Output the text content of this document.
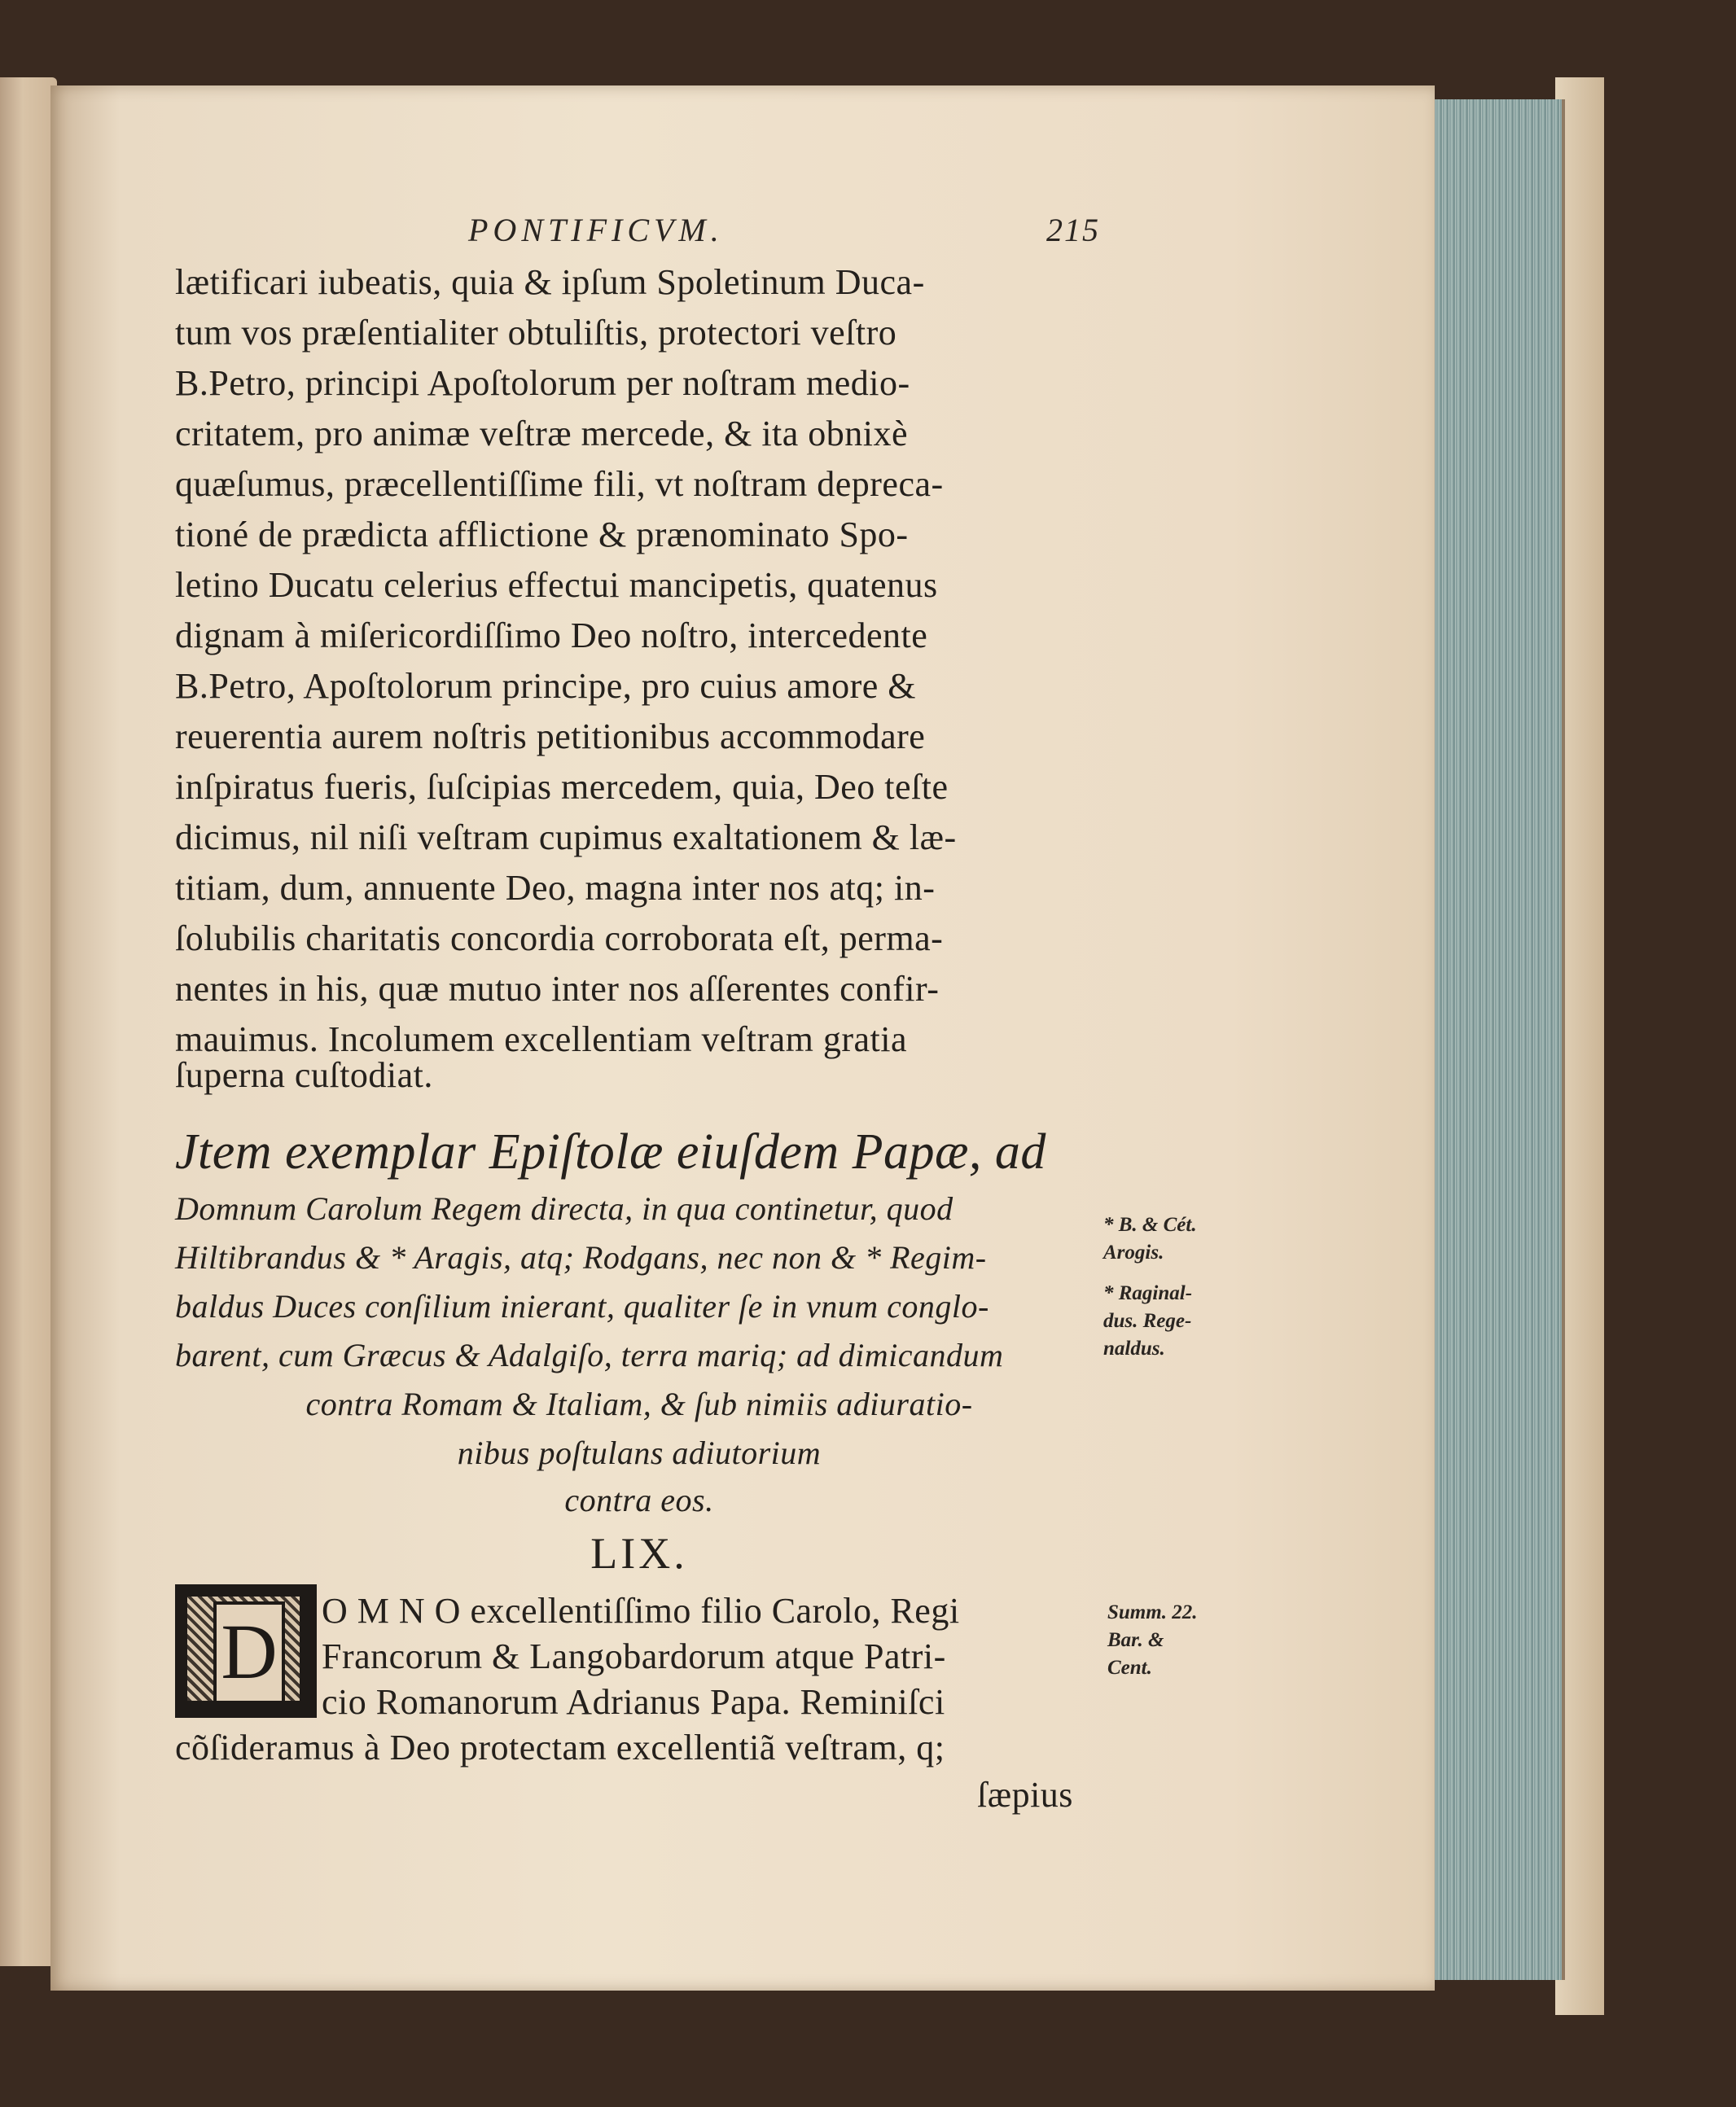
PONTIFICVM.	215
lætificari iubeatis, quia & ipſum Spoletinum Duca-
tum vos præſentialiter obtuliſtis, protectori veſtro
B.Petro, principi Apoſtolorum per noſtram medio-
critatem, pro animæ veſtræ mercede, & ita obnixè
quæſumus, præcellentiſſime fili, vt noſtram depreca-
tioné de prædicta afflictione & prænominato Spo-
letino Ducatu celerius effectui mancipetis, quatenus
dignam à miſericordiſſimo Deo noſtro, intercedente
B.Petro, Apoſtolorum principe, pro cuius amore &
reuerentia aurem noſtris petitionibus accommodare
inſpiratus fueris, ſuſcipias mercedem, quia, Deo teſte
dicimus, nil niſi veſtram cupimus exaltationem & læ-
titiam, dum, annuente Deo, magna inter nos atq; in-
ſolubilis charitatis concordia corroborata eſt, perma-
nentes in his, quæ mutuo inter nos aſſerentes confir-
mauimus. Incolumem excellentiam veſtram gratia
ſuperna cuſtodiat.
Jtem exemplar Epiſtolæ eiuſdem Papæ, ad
Domnum Carolum Regem directa, in qua continetur, quod
Hiltibrandus & * Aragis, atq; Rodgans, nec non & * Regim-
baldus Duces conſilium inierant, qualiter ſe in vnum conglo-
barent, cum Græcus & Adalgiſo, terra mariq; ad dimicandum
contra Romam & Italiam, & ſub nimiis adiuratio-
nibus poſtulans adiutorium
contra eos.
LIX.
D O M N O excellentiſſimo filio Carolo, Regi
Francorum & Langobardorum atque Patri-
cio Romanorum Adrianus Papa. Reminiſci
cõſideramus à Deo protectam excellentiã veſtram, q;
ſæpius
* B. & Cét.
Arogis.
* Raginal-
dus. Rege-
naldus.
Summ. 22.
Bar. &
Cent.
